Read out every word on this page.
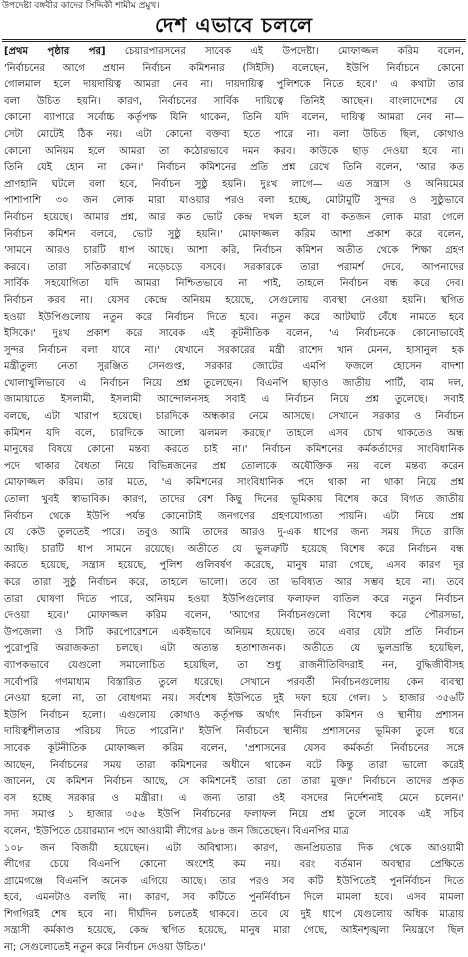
উপদেষ্টা বঙ্গবীর কাদের সিদ্দিকী শামীম প্রমুখ।
দেশ এভাবে চললে
[প্রথম পৃষ্ঠার পর] চেয়ারপারসনের সাবেক এই উপদেষ্টা। মোফাজ্জল করিম বলেন,
'নির্বাচনের আগে প্রধান নির্বাচন কমিশনার (সিইসি) বলেছেন, ইউপি নির্বাচনে কোনো
গোলমাল হলে দায়দায়িত্ব আমরা নেব না। দায়দায়িত্ব পুলিশকে নিতে হবে।' এ কথাটা তার
বলা উচিত হয়নি। কারণ, নির্বাচনের সার্বিক দায়িত্বে তিনিই আছেন। বাংলাদেশের যে
কোনো ব্যাপারে সর্বোচ্চ কর্তৃপক্ষ যিনি থাকেন, তিনি যদি বলেন, দায়িত্ব আমরা নেব না—
সেটা মোটেই ঠিক নয়। এটা কোনো বক্তব্য হতে পারে না। বলা উচিত ছিল, কোথাও
কোনো অনিয়ম হলে আমরা তা কঠোরভাবে দমন করব। কাউকে ছাড় দেওয়া হবে না।
তিনি যেই হোন না কেন।' নির্বাচন কমিশনের প্রতি প্রশ্ন রেখে তিনি বলেন, 'আর কত
প্রাণহানি ঘটলে বলা হবে, নির্বাচন সুষ্ঠু হয়নি। দুঃখ লাগে— এত সন্ত্রাস ও অনিয়মের
পাশাপাশি ৩০ জন লোক মারা যাওয়ার পরও বলা হচ্ছে, মোটামুটি সুন্দর ও সুষ্ঠুভাবে
নির্বাচন হয়েছে। আমার প্রশ্ন, আর কত ভোট কেন্দ্র দখল হলে বা কতজন লোক মারা গেলে
নির্বাচন কমিশন বলবে, ভোট সুষ্ঠু হয়নি।' মোফাজ্জল করিম আশা প্রকাশ করে বলেন,
'সামনে আরও চারটি ধাপ আছে। আশা করি, নির্বাচন কমিশন অতীত থেকে শিক্ষা গ্রহণ
করবে। তারা সতিকারার্থে নড়েচড়ে বসবে। সরকারকে তারা পরামর্শ দেবে, আপনাদের
সার্বিক সহযোগিতা যদি আমরা নিশ্চিতভাবে না পাই, তাহলে নির্বাচন বন্ধ করে দেব।
নির্বাচন করব না। যেসব কেন্দ্রে অনিয়ম হয়েছে, সেগুলোয় ব্যবস্থা নেওয়া হয়নি। স্থগিত
হওয়া ইউপিগুলোয় নতুন করে নির্বাচন দিতে হবে। নতুন করে আটঘাট বেঁধে নামতে হবে
ইসিকে।' দুঃখ প্রকাশ করে সাবেক এই কূটনীতিক বলেন, 'এ নির্বাচনকে কোনোভাবেই
সুন্দর নির্বাচন বলা যাবে না।' যেখানে সরকারের মন্ত্রী রাশেদ খান মেনন, হাসানুল হক
মন্ত্রীতুল্য নেতা সুরঞ্জিত সেনগুপ্ত, সরকার জোটের এমপি ফজলে হোসেন বাদশা
খোলাখুলিভাবে এ নির্বাচন নিয়ে প্রশ্ন তুলেছেন। বিএনপি ছাড়াও জাতীয় পার্টি, বাম দল,
জামায়াতে ইসলামী, ইসলামী আন্দোলনসহ সবাই এ নির্বাচন নিয়ে প্রশ্ন তুলেছে। সবাই
বলছে, এটা খারাপ হয়েছে। চারদিকে অন্ধকার নেমে আসছে। সেখানে সরকার ও নির্বাচন
কমিশন যদি বলে, চারদিকে আলো ঝলমল করছে।' তাহলে এসব চোখ থাকতেও অন্ধ
মানুষের বিষয়ে কোনো মন্তব্য করতে চাই না।' নির্বাচন কমিশনের কর্মকর্তাদের সাংবিধানিক
পদে থাকার বৈধতা নিয়ে বিভিন্নজনের প্রশ্ন তোলাকে অযৌক্তিক নয় বলে মন্তব্য করেন
মোফাজ্জল করিম। তার মতে, 'এ কমিশনের সাংবিধানিক পদে থাকা না থাকা নিয়ে প্রশ্ন
তোলা খুবই স্বাভাবিক। কারণ, তাদের বেশ কিছু দিনের ভূমিকায় বিশেষ করে বিগত জাতীয়
নির্বাচন থেকে ইউপি পর্যন্ত কোনোটাই জনগণের গ্রহণযোগ্যতা পায়নি। এটা নিয়ে প্রশ্ন
যে কেউ তুলতেই পারে। তবুও আমি তাদের আরও দু-এক ধাপের জন্য সময় দিতে রাজি
আছি। চারটি ধাপ সামনে রয়েছে। অতীতে যে ভুলত্রুটি হয়েছে বিশেষ করে নির্বাচন বন্ধ
করতে হয়েছে, সন্ত্রাস হয়েছে, পুলিশ গুলিবর্ষণ করেছে, মানুষ মারা গেছে, এসব কারণ দূর
করে তারা সুষ্ঠু নির্বাচন করে, তাহলে ভালো। তবে তা ভবিষ্যত আর সম্ভব হবে না। তবে
তারা ঘোষণা দিতে পারে, অনিয়ম হওয়া ইউপিগুলোর ফলাফল বাতিল করে নতুন নির্বাচন
দেওয়া হবে।' মোফাজ্জল করিম বলেন, 'আগের নির্বাচনগুলো বিশেষ করে পৌরসভা,
উপজেলা ও সিটি করপোরেশনে একইভাবে অনিয়ম হয়েছে। তবে এবার যেটা প্রতি নির্বাচন
পুরোপুরি অরাজকতা চলছে। এটা অত্যন্ত হতাশাজনক। অতীতে যে ভুলভ্রান্তি হয়েছিল,
ব্যাপকভাবে যেগুলো সমালোচিত হয়েছিল, তা শুধু রাজনীতিবিদরাই নন, বুদ্ধিজীবীসহ
সর্বোপরি গণমাধ্যম বিস্তারিত তুলে ধরেছে। সেখানে পরবর্তী নির্বাচনগুলোয় কেন ব্যবস্থা
নেওয়া হলো না, তা বোধগম্য নয়। সর্বশেষ ইউপিতে দুই দফা হয়ে গেল। ১ হাজার ৩৫৬টি
ইউপি নির্বাচন হলো। এগুলোয় কোথাও কর্তৃপক্ষ অর্থাৎ নির্বাচন কমিশন ও স্থানীয় প্রশাসন
দায়িত্বশীলতার পরিচয় দিতে পারেনি।' ইউপি নির্বাচনে স্থানীয় প্রশাসনের ভূমিকা তুলে ধরে
সাবেক কূটনীতিক মোফাজ্জল করিম বলেন, 'প্রশাসনের যেসব কর্মকর্তা নির্বাচনের সঙ্গে
আছেন, নির্বাচনের সময় তারা কমিশনের অধীনে থাকেন বটে কিন্তু তারা ভালো করেই
জানেন, যে কমিশন নির্বাচন আছে, সে কমিশনেই তারা তো তারা মুক্ত।' নির্বাচনে তাদের প্রকৃত
বস হচ্ছে সরকার ও মন্ত্রীরা। এ জন্য তারা ওই বসদের নির্দেশনাই মেনে চলেন।'
সদ্য সমাপ্ত ১ হাজার ৩৫৬ ইউপি নির্বাচনের ফলাফল নিয়ে প্রশ্ন তুলে সাবেক এই সচিব
বলেন, 'ইউপিতে চেয়ারম্যান পদে আওয়ামী লীগের ৯৮৪ জন জিতেছেন। বিএনপির মাত্র
১০৮ জন বিজয়ী হয়েছেন। এটা অবিশ্বাস্য। কারণ, জনপ্রিয়তার দিক থেকে আওয়ামী
লীগের চেয়ে বিএনপি কোনো অংশেই কম নয়। বরং বর্তমান অবস্থার প্রেক্ষিতে
গ্রামেগঞ্জে বিএনপি অনেক এগিয়ে আছে। তার পরও সব কটি ইউপিতেই পুনর্নির্বাচন দিতে
হবে, এমনটাও বলছি না। কারণ, সব কটিতে পুনর্নির্বাচন দিলে মামলা হবে। এসব মামলা
শিগগিরই শেষ হবে না। দীর্ঘদিন চলতেই থাকবে। তবে যে দুই ধাপে যেগুলোয় অধিক মাত্রায়
সন্ত্রাসী কর্মকাণ্ড হয়েছে, কেন্দ্র স্থগিত হয়েছে, মানুষ মারা গেছে, আইনশৃঙ্খলা নিয়ন্ত্রণে ছিল
না; সেগুলোতেই নতুন করে নির্বাচন দেওয়া উচিত।'
